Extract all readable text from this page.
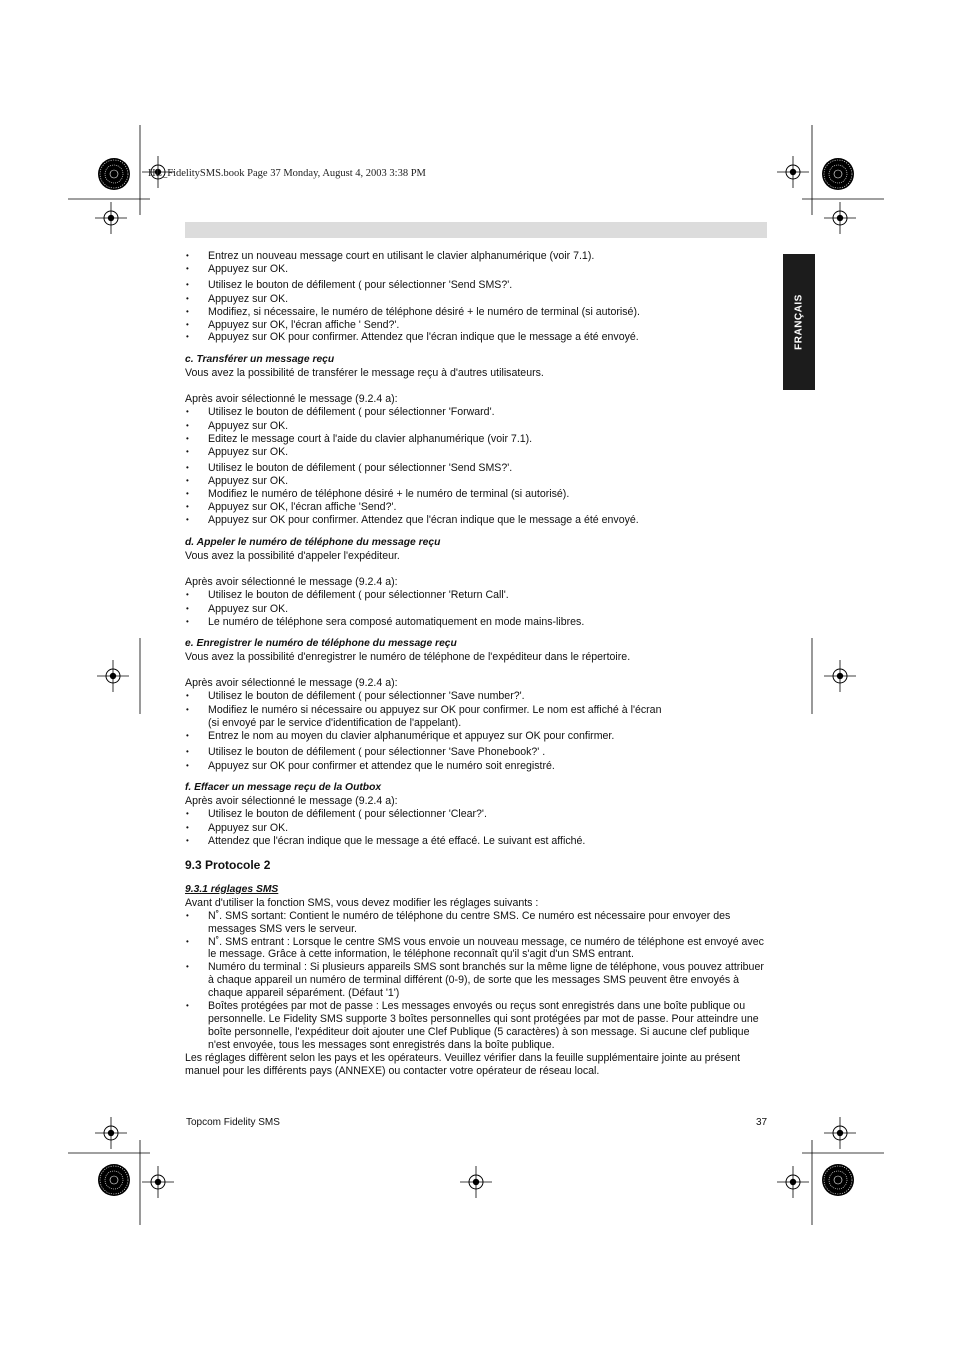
HL_FidelitySMS.book Page 37 Monday, August 4, 2003 3:38 PM
FRANÇAIS

• Entrez un nouveau message court en utilisant le clavier alphanumérique (voir 7.1).

• Appuyez sur OK.

• Utilisez le bouton de défilement ( pour sélectionner 'Send SMS?'.

• Appuyez sur OK.

• Modifiez, si nécessaire, le numéro de téléphone désiré + le numéro de terminal (si autorisé).

• Appuyez sur OK, l'écran affiche ' Send?'.

• Appuyez sur OK pour confirmer. Attendez que l'écran indique que le message a été envoyé.

c. Transférer un message reçu

Vous avez la possibilité de transférer le message reçu à d'autres utilisateurs.

Après avoir sélectionné le message (9.2.4 a):

• Utilisez le bouton de défilement ( pour sélectionner 'Forward'.

• Appuyez sur OK.

• Editez le message court à l'aide du clavier alphanumérique (voir 7.1).

• Appuyez sur OK.

• Utilisez le bouton de défilement ( pour sélectionner 'Send SMS?'.

• Appuyez sur OK.

• Modifiez le numéro de téléphone désiré + le numéro de terminal (si autorisé).

• Appuyez sur OK, l'écran affiche 'Send?'.

• Appuyez sur OK pour confirmer. Attendez que l'écran indique que le message a été envoyé.

d. Appeler le numéro de téléphone du message reçu

Vous avez la possibilité d'appeler l'expéditeur.

Après avoir sélectionné le message (9.2.4 a):

• Utilisez le bouton de défilement ( pour sélectionner 'Return Call'.

• Appuyez sur OK.

• Le numéro de téléphone sera composé automatiquement en mode mains-libres.

e. Enregistrer le numéro de téléphone du message reçu

Vous avez la possibilité d'enregistrer le numéro de téléphone de l'expéditeur dans le répertoire.

Après avoir sélectionné le message (9.2.4 a):

• Utilisez le bouton de défilement ( pour sélectionner 'Save number?'.

• Modifiez le numéro si nécessaire ou appuyez sur OK pour confirmer. Le nom est affiché à l'écran
(si envoyé par le service d'identification de l'appelant).

• Entrez le nom au moyen du clavier alphanumérique et appuyez sur OK pour confirmer.

• Utilisez le bouton de défilement ( pour sélectionner 'Save Phonebook?' .

• Appuyez sur OK pour confirmer et attendez que le numéro soit enregistré.

f. Effacer un message reçu de la Outbox

Après avoir sélectionné le message (9.2.4 a):

• Utilisez le bouton de défilement ( pour sélectionner 'Clear?'.

• Appuyez sur OK.

• Attendez que l'écran indique que le message a été effacé. Le suivant est affiché.

9.3 Protocole 2

9.3.1 réglages SMS

Avant d'utiliser la fonction SMS, vous devez modifier les réglages suivants :

• N˚. SMS sortant: Contient le numéro de téléphone du centre SMS. Ce numéro est nécessaire pour envoyer des messages SMS vers le serveur.

• N˚. SMS entrant : Lorsque le centre SMS vous envoie un nouveau message, ce numéro de téléphone est envoyé avec le message. Grâce à cette information, le téléphone reconnaît qu'il s'agit d'un SMS entrant.

• Numéro du terminal : Si plusieurs appareils SMS sont branchés sur la même ligne de téléphone, vous pouvez attribuer à chaque appareil un numéro de terminal différent (0-9), de sorte que les messages SMS peuvent être envoyés à chaque appareil séparément. (Défaut '1')

• Boîtes protégées par mot de passe : Les messages envoyés ou reçus sont enregistrés dans une boîte publique ou personnelle. Le Fidelity SMS supporte 3 boîtes personnelles qui sont protégées par mot de passe. Pour atteindre une boîte personnelle, l'expéditeur doit ajouter une Clef Publique (5 caractères) à son message. Si aucune clef publique n'est envoyée, tous les messages sont enregistrés dans la boîte publique.

Les réglages diffèrent selon les pays et les opérateurs. Veuillez vérifier dans la feuille supplémentaire jointe au présent manuel pour les différents pays (ANNEXE) ou contacter votre opérateur de réseau local.

Topcom Fidelity SMS	37
